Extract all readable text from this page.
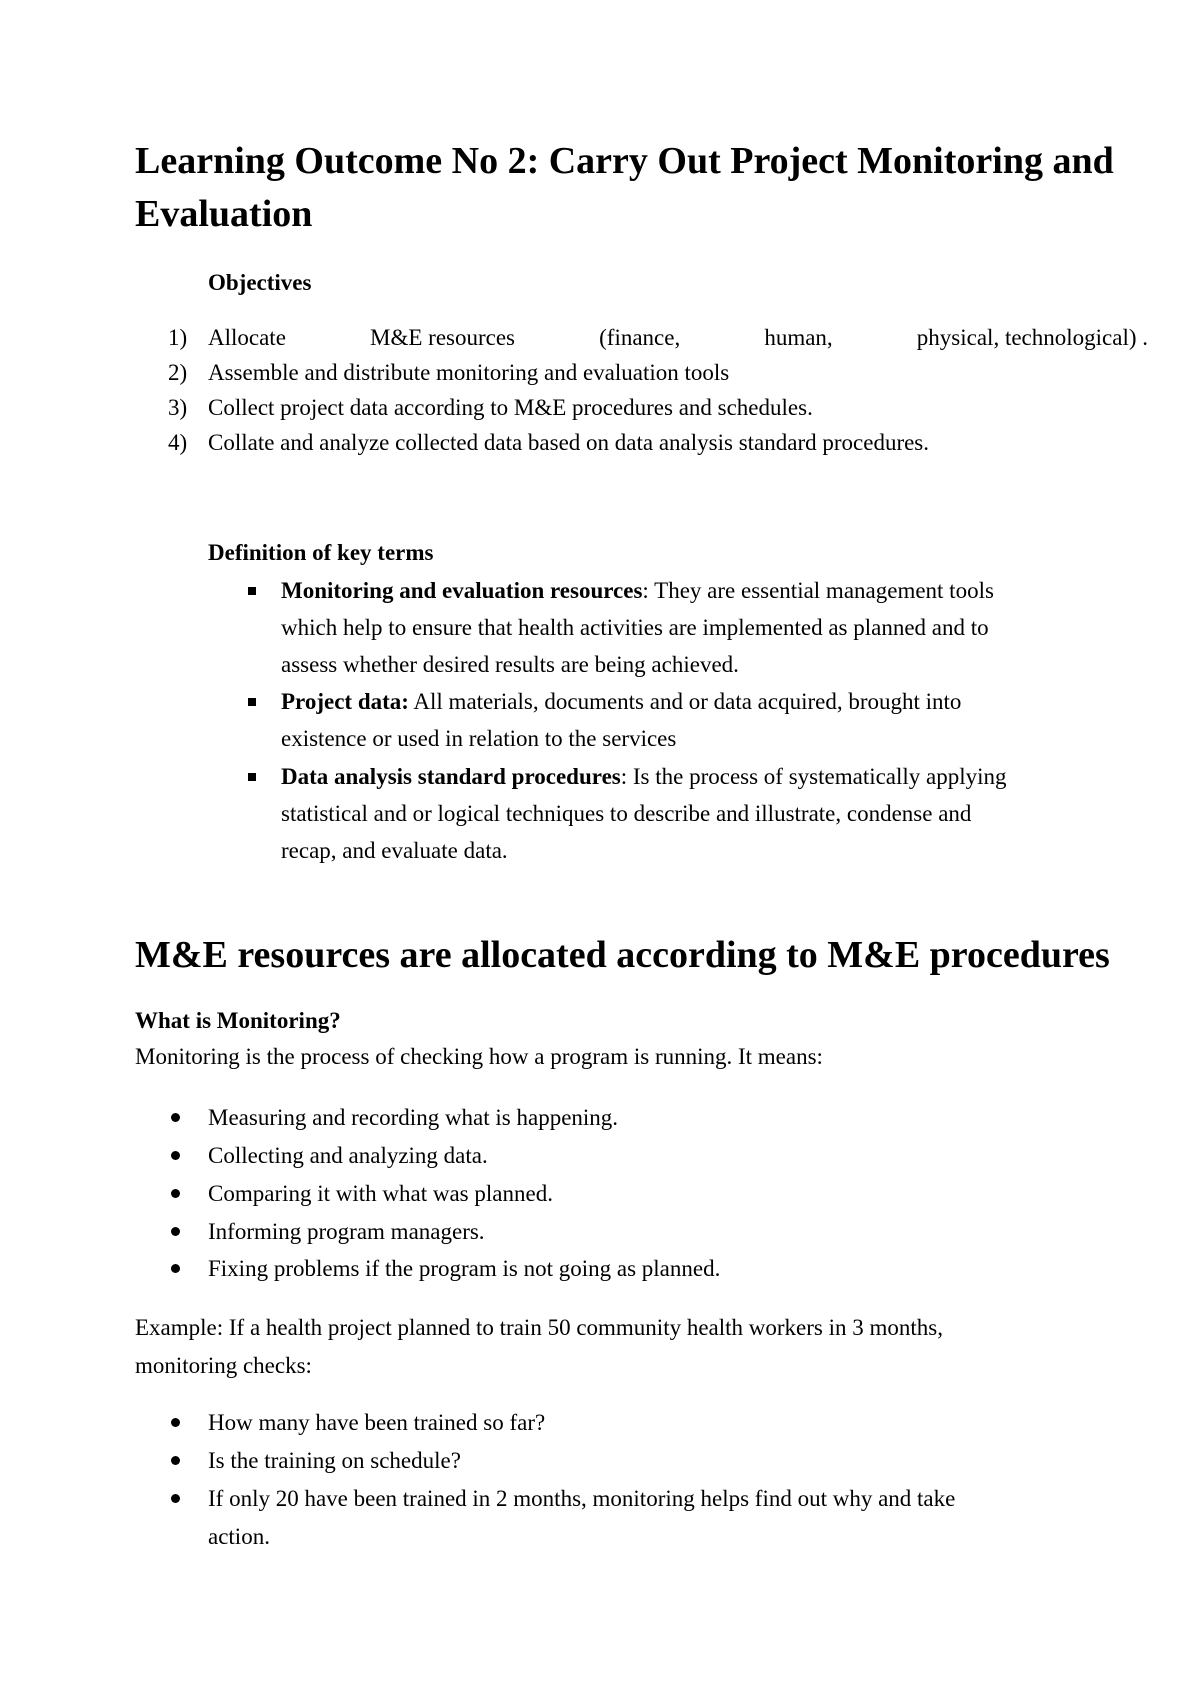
Learning Outcome No 2: Carry Out Project Monitoring and
Evaluation
Objectives
1) Allocate	M&E resources	(finance,	human,	physical, technological) .
2) Assemble and distribute monitoring and evaluation tools
3) Collect project data according to M&E procedures and schedules.
4) Collate and analyze collected data based on data analysis standard procedures.
Definition of key terms
Monitoring and evaluation resources: They are essential management tools
which help to ensure that health activities are implemented as planned and to
assess whether desired results are being achieved.
Project data: All materials, documents and or data acquired, brought into
existence or used in relation to the services
Data analysis standard procedures: Is the process of systematically applying
statistical and or logical techniques to describe and illustrate, condense and
recap, and evaluate data.
M&E resources are allocated according to M&E procedures
What is Monitoring?
Monitoring is the process of checking how a program is running. It means:
Measuring and recording what is happening.
Collecting and analyzing data.
Comparing it with what was planned.
Informing program managers.
Fixing problems if the program is not going as planned.
Example: If a health project planned to train 50 community health workers in 3 months,
monitoring checks:
How many have been trained so far?
Is the training on schedule?
If only 20 have been trained in 2 months, monitoring helps find out why and take
action.
